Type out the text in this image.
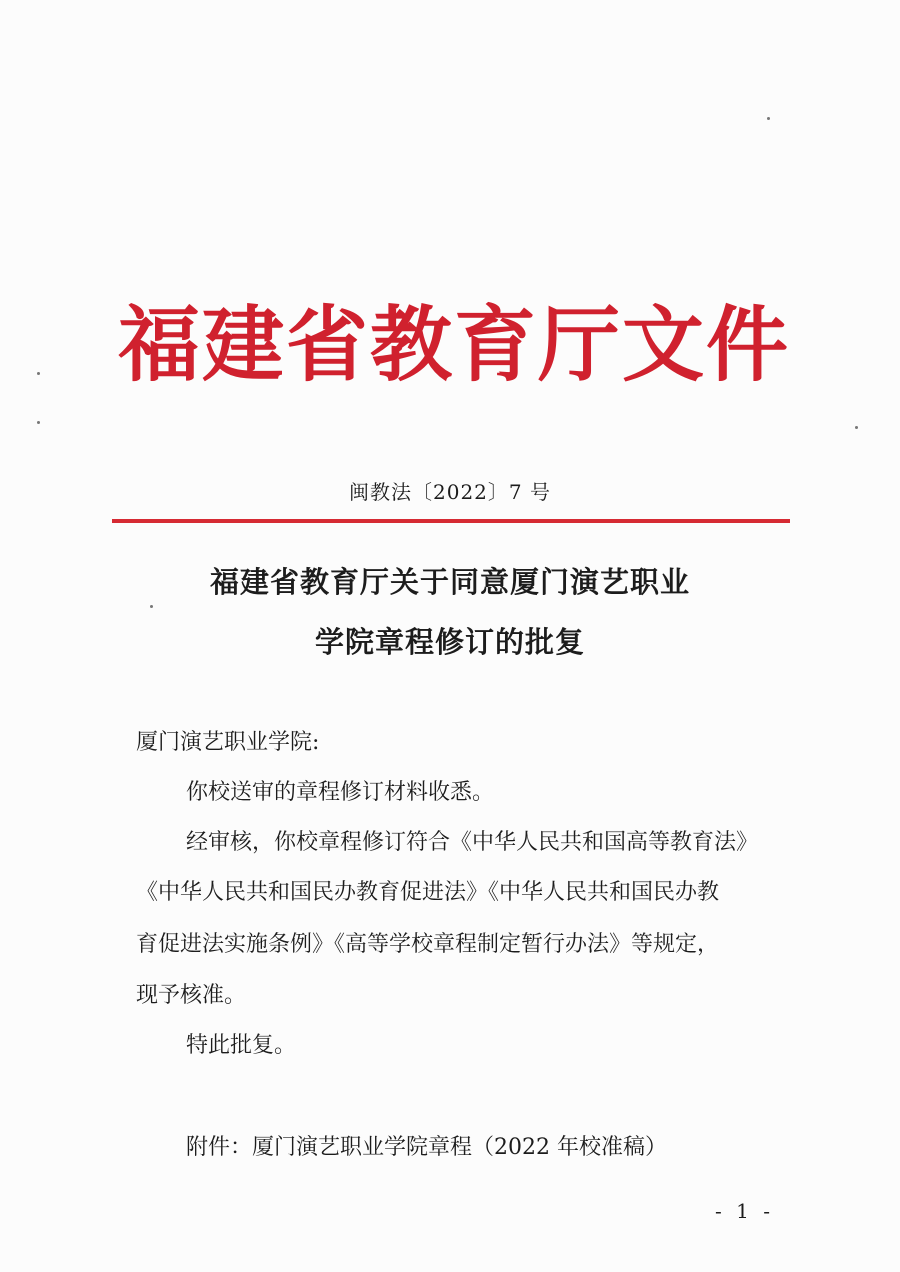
福建省教育厅文件
闽教法〔2022〕7 号
福建省教育厅关于同意厦门演艺职业
学院章程修订的批复
厦门演艺职业学院:
你校送审的章程修订材料收悉。
经审核，你校章程修订符合《中华人民共和国高等教育法》
《中华人民共和国民办教育促进法》《中华人民共和国民办教
育促进法实施条例》《高等学校章程制定暂行办法》等规定，
现予核准。
特此批复。
附件：厦门演艺职业学院章程（2022 年校准稿）
- 1 -
